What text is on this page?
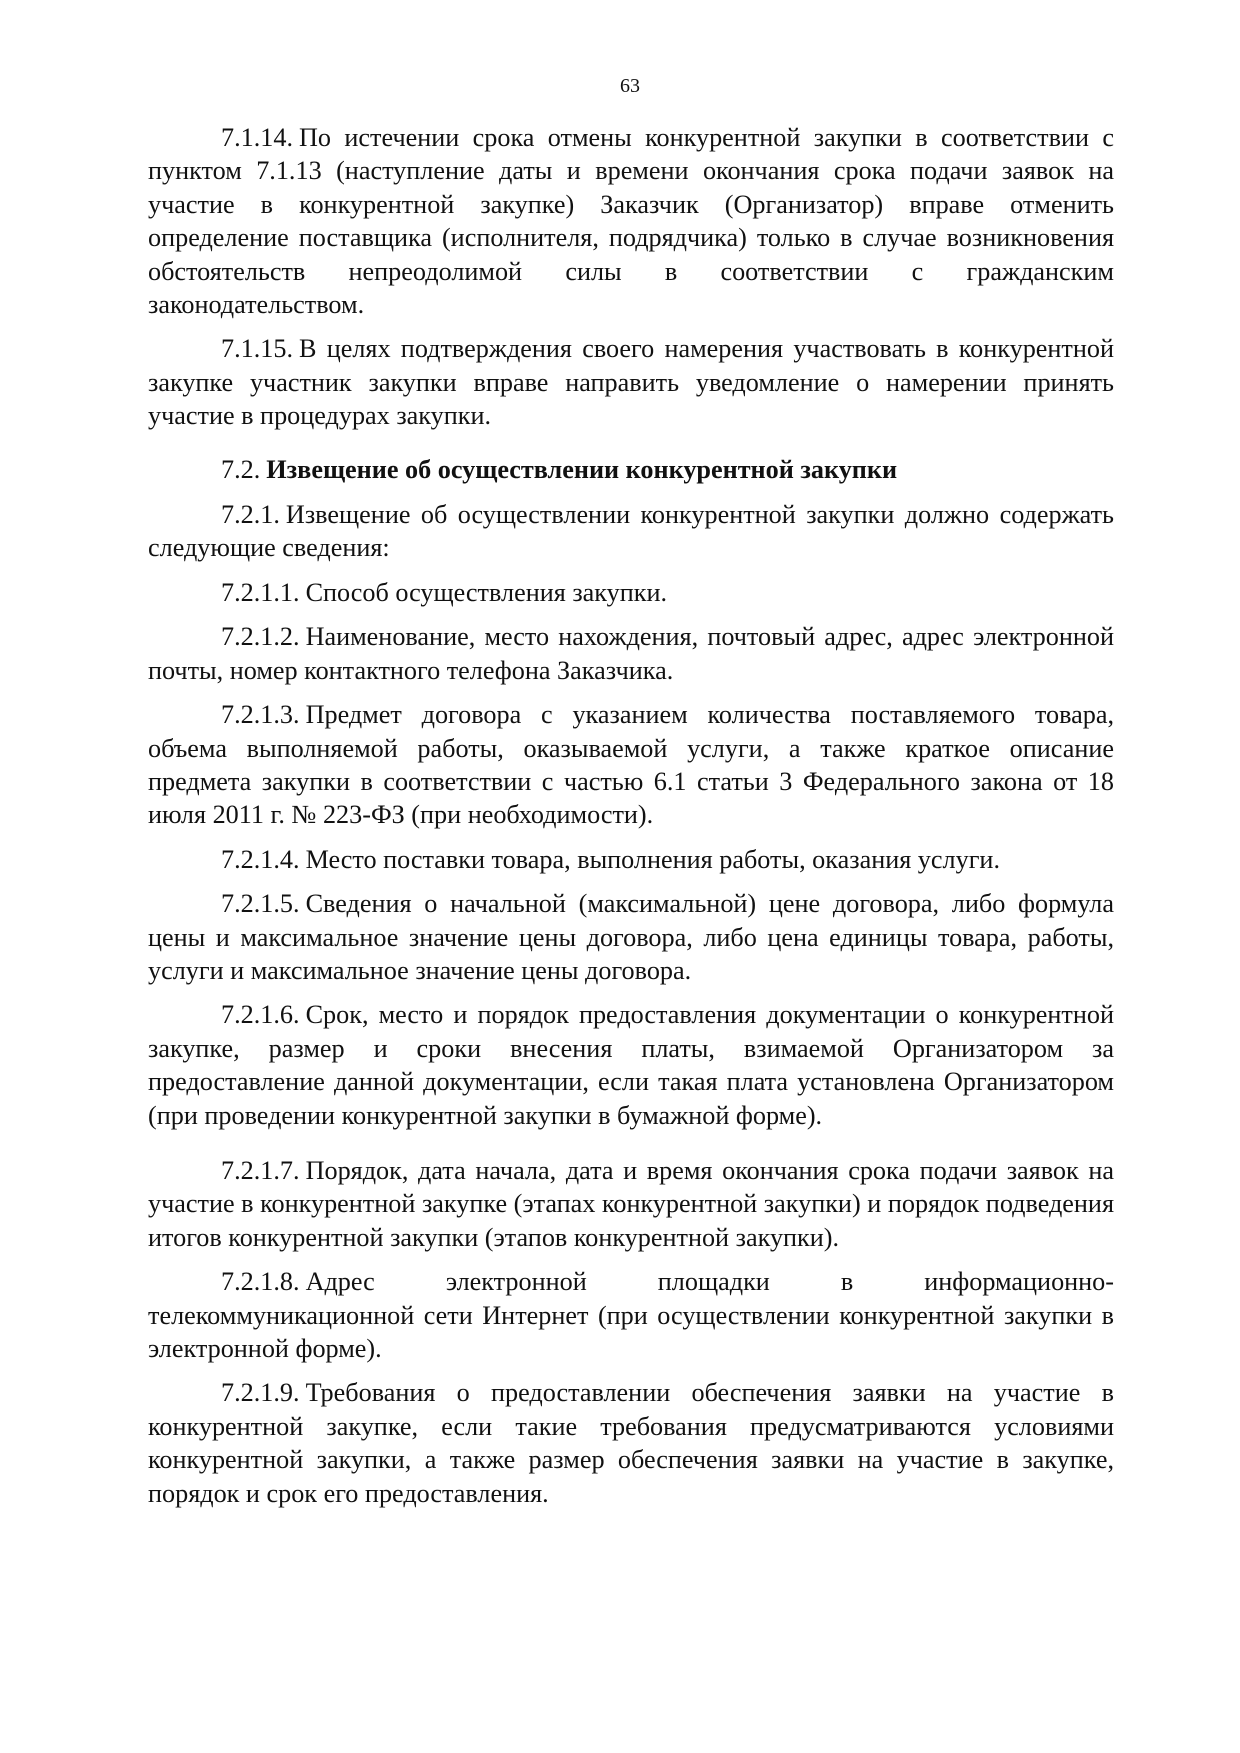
63

7.1.14. По истечении срока отмены конкурентной закупки в соответствии с пунктом 7.1.13 (наступление даты и времени окончания срока подачи заявок на участие в конкурентной закупке) Заказчик (Организатор) вправе отменить определение поставщика (исполнителя, подрядчика) только в случае возникновения обстоятельств непреодолимой силы в соответствии с гражданским законодательством.

7.1.15. В целях подтверждения своего намерения участвовать в конкурентной закупке участник закупки вправе направить уведомление о намерении принять участие в процедурах закупки.

7.2. Извещение об осуществлении конкурентной закупки

7.2.1. Извещение об осуществлении конкурентной закупки должно содержать следующие сведения:

7.2.1.1. Способ осуществления закупки.

7.2.1.2. Наименование, место нахождения, почтовый адрес, адрес электронной почты, номер контактного телефона Заказчика.

7.2.1.3. Предмет договора с указанием количества поставляемого товара, объема выполняемой работы, оказываемой услуги, а также краткое описание предмета закупки в соответствии с частью 6.1 статьи 3 Федерального закона от 18 июля 2011 г. № 223-ФЗ (при необходимости).

7.2.1.4. Место поставки товара, выполнения работы, оказания услуги.

7.2.1.5. Сведения о начальной (максимальной) цене договора, либо формула цены и максимальное значение цены договора, либо цена единицы товара, работы, услуги и максимальное значение цены договора.

7.2.1.6. Срок, место и порядок предоставления документации о конкурентной закупке, размер и сроки внесения платы, взимаемой Организатором за предоставление данной документации, если такая плата установлена Организатором (при проведении конкурентной закупки в бумажной форме).

7.2.1.7. Порядок, дата начала, дата и время окончания срока подачи заявок на участие в конкурентной закупке (этапах конкурентной закупки) и порядок подведения итогов конкурентной закупки (этапов конкурентной закупки).

7.2.1.8. Адрес электронной площадки в информационно-телекоммуникационной сети Интернет (при осуществлении конкурентной закупки в электронной форме).

7.2.1.9. Требования о предоставлении обеспечения заявки на участие в конкурентной закупке, если такие требования предусматриваются условиями конкурентной закупки, а также размер обеспечения заявки на участие в закупке, порядок и срок его предоставления.
